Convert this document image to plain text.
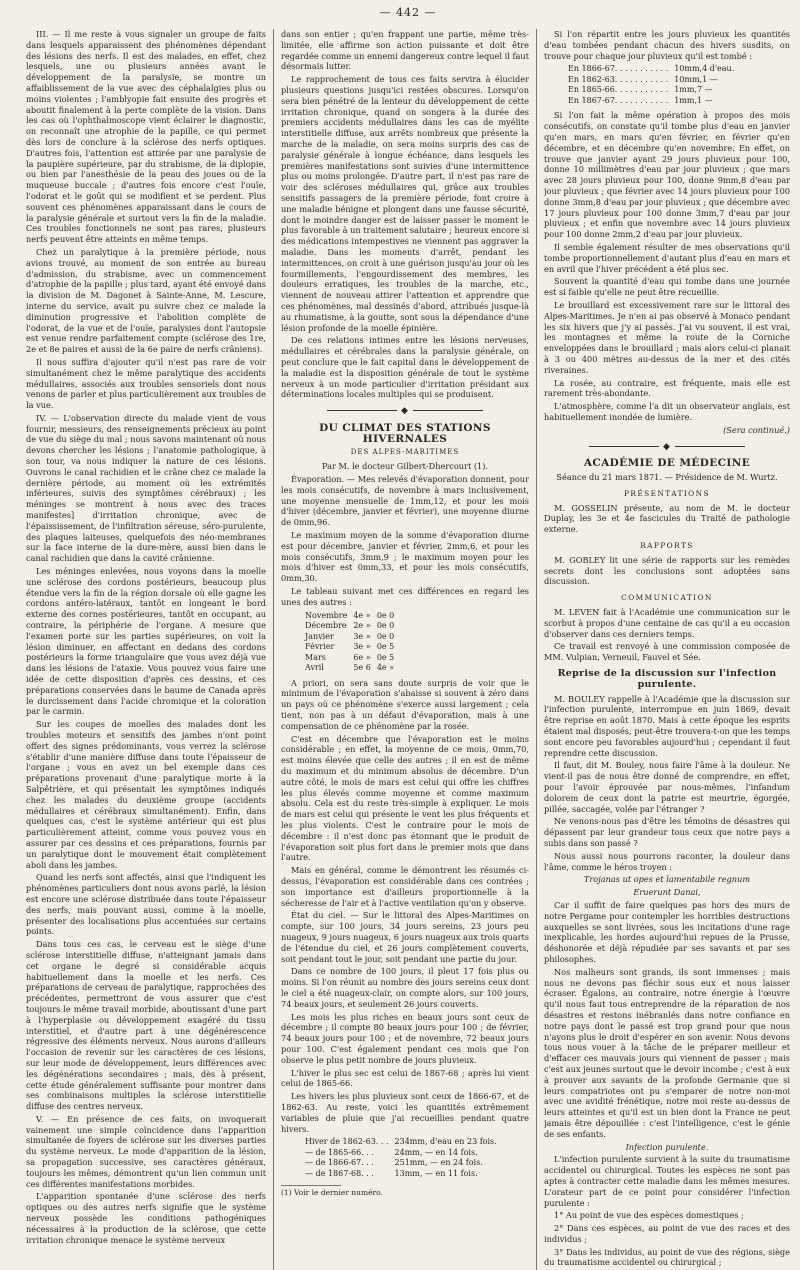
— 442 —

III. — Il me reste à vous signaler un groupe de faits dans lesquels apparaissent des phénomènes dépendant des lésions des nerfs. Il est des malades, en effet, chez lesquels, une ou plusieurs années avant le développement de la paralysie, se montre un affaiblissement de la vue avec des céphalalgies plus ou moins violentes ; l'amblyopie fait ensuite des progrès et aboutit finalement à la perte complète de la vision. Dans les cas où l'ophthalmoscope vient éclairer le diagnostic, on reconnaît une atrophie de la papille, ce qui permet dès lors de conclure à la sclérose des nerfs optiques. D'autres fois, l'attention est attirée par une paralysie de la paupière supérieure, par du strabisme, de la diplopie, ou bien par l'anesthésie de la peau des joues ou de la muqueuse buccale ; d'autres fois encore c'est l'ouïe, l'odorat et le goût qui se modifient et se perdent. Plus souvent ces phénomènes apparaissant dans le cours de la paralysie générale et surtout vers la fin de la maladie. Ces troubles fonctionnels ne sont pas rares, plusieurs nerfs peuvent être atteints en même temps.

Chez un paralytique à la première période, nous avions trouvé, au moment de son entrée au bureau d'admission, du strabisme, avec un commencement d'atrophie de la papille ; plus tard, ayant été envoyé dans la division de M. Dagonet à Sainte-Anne, M. Lescure, interne du service, avait pu suivre chez ce malade la diminution progressive et l'abolition complète de l'odorat, de la vue et de l'ouïe, paralysies dont l'autopsie est venue rendre parfaitement compte (sclérose des 1re, 2e et 8e paires et aussi de la 6e paire de nerfs crâniens).

Il nous suffira d'ajouter qu'il n'est pas rare de voir simultanément chez le même paralytique des accidents médullaires, associés aux troubles sensoriels dont nous venons de parler et plus particulièrement aux troubles de la vue.

IV. — L'observation directe du malade vient de vous fournir, messieurs, des renseignements précieux au point de vue du siège du mal ; nous savons maintenant où nous devons chercher les lésions ; l'anatomie pathologique, à son tour, va nous indiquer la nature de ces lésions. Ouvrons le canal rachidien et le crâne chez ce malade la dernière période, au moment où les extrémités inférieures, suivis des symptômes cérébraux) ; les méninges se montrent à nous avec des traces manifestes] d'irritation chronique, avec de l'épaississement, de l'infiltration séreuse, séro-purulente, des plaques laiteuses, quelquefois des néo-membranes sur la face interne de la dure-mère, aussi bien dans le canal rachidien que dans la cavité crânienne.

Les méninges enlevées, nous voyons dans la moelle une sclérose des cordons postérieurs, beaucoup plus étendue vers la fin de la région dorsale où elle gagne les cordons antéro-latéraux, tantôt en longeant le bord externe des cornes postérieures, tantôt en occupant, au contraire, la périphérie de l'organe. A mesure que l'examen porte sur les parties supérieures, on voit la lésion diminuer, en affectant en dedans des cordons postérieurs la forme triangulaire que vous avez déjà vue dans les lésions de l'ataxie. Vous pouvez vous faire une idée de cette disposition d'après ces dessins, et ces préparations conservées dans le baume de Canada après le durcissement dans l'acide chromique et la coloration par le carmin.

Sur les coupes de moelles des malades dont les troubles moteurs et sensitifs des jambes n'ont point offert des signes prédominants, vous verrez la sclérose s'établir d'une manière diffuse dans toute l'épaisseur de l'organe ; vous en avez un bel exemple dans ces préparations provenant d'une paralytique morte à la Salpêtrière, et qui présentait les symptômes indiqués chez les malades du deuxième groupe (accidents médullaires et cérébraux simultanément). Enfin, dans quelques cas, c'est le système antérieur qui est plus particulièrement atteint, comme vous pouvez vous en assurer par ces dessins et ces préparations, fournis par un paralytique dont le mouvement était complètement aboli dans les jambes.

Quand les nerfs sont affectés, ainsi que l'indiquent les phénomènes particuliers dont nous avons parlé, la lésion est encore une sclérose distribuée dans toute l'épaisseur des nerfs, mais pouvant aussi, comme à la moelle, présenter des localisations plus accentuées sur certains points.

Dans tous ces cas, le cerveau est le siège d'une sclérose interstitielle diffuse, n'atteignant jamais dans cet organe le degré si considérable acquis habituellement dans la moelle et les nerfs. Ces préparations de cerveau de paralytique, rapprochées des précédentes, permettront de vous assurer que c'est toujours le même travail morbide, aboutissant d'une part à l'hyperplasie ou développement exagéré du tissu interstitiel, et d'autre part à une dégénérescence régressive des éléments nerveux. Nous aurons d'ailleurs l'occasion de revenir sur les caractères de ces lésions, sur leur mode de développement, leurs différences avec les dégénérations secondaires ; mais, dès à présent, cette étude généralement suffisante pour montrer dans ses combinaisons multiples la sclérose interstitielle diffuse des centres nerveux.

V. — En présence de ces faits, on invoquerait vainement une simple coïncidence dans l'apparition simultanée de foyers de sclérose sur les diverses parties du système nerveux. Le mode d'apparition de la lésion, sa propagation successive, ses caractères généraux, toujours les mêmes, démontrent qu'un lien commun unit ces différentes manifestations morbides.

L'apparition spontanée d'une sclérose des nerfs optiques ou des autres nerfs signifie que le système nerveux possède les conditions pathogéniques nécessaires à la production de la sclérose, que cette irritation chronique menace le système nerveux

dans son entier ; qu'en frappant une partie, même très-limitée, elle affirme son action puissante et doit être regardée comme un ennemi dangereux contre lequel il faut désormais lutter.

Le rapprochement de tous ces faits servira à élucider plusieurs questions jusqu'ici restées obscures. Lorsqu'on sera bien pénétré de la lenteur du développement de cette irritation chronique, quand on songera à la durée des premiers accidents médullaires dans les cas de myélite interstitielle diffuse, aux arrêts nombreux que présente la marche de la maladie, on sera moins surpris des cas de paralysie générale à longue échéance, dans lesquels les premières manifestations sont suivies d'une intermittence plus ou moins prolongée. D'autre part, il n'est pas rare de voir des scléroses médullaires qui, grâce aux troubles sensitifs passagers de la première période, font croire à une maladie bénigne et plongent dans une fausse sécurité, dont le moindre danger est de laisser passer le moment le plus favorable à un traitement salutaire ; heureux encore si des médications intempestives ne viennent pas aggraver la maladie. Dans les moments d'arrêt, pendant les intermittences, on croit à une guérison jusqu'au jour où les fourmillements, l'engourdissement des membres, les douleurs erratiques, les troubles de la marche, etc., viennent de nouveau attirer l'attention et apprendre que ces phénomènes, mal dessinés d'abord, attribués jusque-là au rhumatisme, à la goutte, sont sous la dépendance d'une lésion profonde de la moelle épinière.

De ces relations intimes entre les lésions nerveuses, médullaires et cérébrales dans la paralysie générale, on peut conclure que le fait capital dans le développement de la maladie est la disposition générale de tout le système nerveux à un mode particulier d'irritation présidant aux déterminations locales multiples qui se produisent.

◆
DU CLIMAT DES STATIONS HIVERNALES
DES ALPES-MARITIMES

Par M. le docteur Gilbert-Dhercourt (1).

Évaporation. — Mes relevés d'évaporation donnent, pour les mois consécutifs, de novembre à mars inclusivement, une moyenne mensuelle de 1mm,12, et pour les mois d'hiver (décembre, janvier et février), une moyenne diurne de 0mm,96.

Le maximum moyen de la somme d'évaporation diurne est pour décembre, janvier et février, 2mm,6, et pour les mois consécutifs, 3mm,9 ; le maximum moyen pour les mois d'hiver est 0mm,33, et pour les mois consécutifs, 0mm,30.

Le tableau suivant met ces différences en regard les unes des autres :

Novembre	4e »	0e 0
Décembre	2e »	0e 0
Janvier	3e »	0e 0
Février	3e »	0e 5
Mars	6e »	0e 5
Avril	5e 6	4e »

A priori, on sera sans doute surpris de voir que le minimum de l'évaporation s'abaisse si souvent à zéro dans un pays où ce phénomène s'exerce aussi largement ; cela tient, non pas à un défaut d'évaporation, mais à une compensation de ce phénomène par la rosée.

C'est en décembre que l'évaporation est le moins considérable ; en effet, la moyenne de ce mois, 0mm,70, est moins élevée que celle des autres ; il en est de même du maximum et du minimum absolus de décembre. D'un autre côté, le mois de mars est celui qui offre les chiffres les plus élevés comme moyenne et comme maximum absolu. Cela est du reste très-simple à expliquer. Le mois de mars est celui qui présente le vent les plus fréquents et les plus violents. C'est le contraire pour le mois de décembre : il n'est donc pas étonnant que le produit de l'évaporation soit plus fort dans le premier mois que dans l'autre.

Mais en général, comme le démontrent les résumés ci-dessus, l'évaporation est considérable dans ces contrées ; son importance est d'ailleurs proportionnelle à la sécheresse de l'air et à l'active ventilation qu'on y observe.

État du ciel. — Sur le littoral des Alpes-Maritimes on compte, sur 100 jours, 34 jours sereins, 23 jours peu nuageux, 9 jours nuageux, 6 jours nuageux aux trois quarts de l'étendue du ciel, et 26 jours complètement couverts, soit pendant tout le jour, soit pendant une partie du jour.

Dans ce nombre de 100 jours, il pleut 17 fois plus ou moins. Si l'on réunit au nombre des jours sereins ceux dont le ciel a été nuageux-clair, on compte alors, sur 100 jours, 74 beaux jours, et seulement 26 jours couverts.

Les mois les plus riches en beaux jours sont ceux de décembre ; il compte 80 beaux jours pour 100 ; de février, 74 beaux jours pour 100 ; et de novembre, 72 beaux jours pour 100. C'est également pendant ces mois que l'on observe le plus petit nombre de jours pluvieux.

L'hiver le plus sec est celui de 1867-68 ; après lui vient celui de 1865-66.

Les hivers les plus pluvieux sont ceux de 1866-67, et de 1862-63. Au reste, voici les quantités extrêmement variables de pluie que j'ai recueillies pendant quatre hivers.

Hiver de 1862-63. . .	234mm, d'eau en 23 fois.
— de 1865-66. . .	24mm, — en 14 fois.
— de 1866-67. . .	251mm, — en 24 fois.
— de 1867-68. . .	13mm, — en 11 fois.
(1) Voir le dernier numéro.

Si l'on répartit entre les jours pluvieux les quantités d'eau tombées pendant chacun des hivers susdits, on trouve pour chaque jour pluvieux qu'il est tombé :

En 1866-67. . . . . . . . . . .	10mm,4 d'eau.
En 1862-63. . . . . . . . . . .	10mm,1 —
En 1865-66. . . . . . . . . . .	1mm,7 —
En 1867-67. . . . . . . . . . .	1mm,1 —

Si l'on fait la même opération à propos des mois consécutifs, on constate qu'il tombe plus d'eau en janvier qu'en mars, en mars qu'en février, en février qu'en décembre, et en décembre qu'en novembre. En effet, on trouve que janvier ayant 29 jours pluvieux pour 100, donne 10 millimètres d'eau par jour pluvieux ; que mars avec 28 jours pluvieux pour 100, donne 9mm,8 d'eau par jour pluvieux ; que février avec 14 jours pluvieux pour 100 donne 3mm,8 d'eau par jour pluvieux ; que décembre avec 17 jours pluvieux pour 100 donne 3mm,7 d'eau par jour pluvieux ; et enfin que novembre avec 14 jours pluvieux pour 100 donne 2mm,2 d'eau par jour pluvieux.

Il semble également résulter de mes observations qu'il tombe proportionnellement d'autant plus d'eau en mars et en avril que l'hiver précédent a été plus sec.

Souvent la quantité d'eau qui tombe dans une journée est si faible qu'elle ne peut être recueillie.

Le brouillard est excessivement rare sur le littoral des Alpes-Maritimes. Je n'en ai pas observé à Monaco pendant les six hivers que j'y ai passés. J'ai vu souvent, il est vrai, les montagnes et même la route de la Corniche enveloppées dans le brouillard ; mais alors celui-ci planait à 3 ou 400 mètres au-dessus de la mer et des cités riveraines.

La rosée, au contraire, est fréquente, mais elle est rarement très-abondante.

L'atmosphère, comme l'a dit un observateur anglais, est habituellement inondée de lumière.

(Sera continué.)

◆
ACADÉMIE DE MÉDECINE

Séance du 21 mars 1871. — Présidence de M. Wurtz.

PRÉSENTATIONS

M. GOSSELIN présente, au nom de M. le docteur Duplay, les 3e et 4e fascicules du Traité de pathologie externe.

RAPPORTS

M. GOBLEY lit une série de rapports sur les remèdes secrets dont les conclusions sont adoptées sans discussion.

COMMUNICATION

M. LEVEN fait à l'Académie une communication sur le scorbut à propos d'une centaine de cas qu'il a eu occasion d'observer dans ces derniers temps.

Ce travail est renvoyé à une commission composée de MM. Vulpian, Verneuil, Fauvel et Sée.

Reprise de la discussion sur l'infection purulente.

M. BOULEY rappelle à l'Académie que la discussion sur l'infection purulente, interrompue en juin 1869, devait être reprise en août 1870. Mais à cette époque les esprits étaient mal disposés, peut-être trouvera-t-on que les temps sont encore peu favorables aujourd'hui ; cependant il faut reprendre cette discussion.

Il faut, dit M. Bouley, nous faire l'âme à la douleur. Ne vient-il pas de nous être donné de comprendre, en effet, pour l'avoir éprouvée par nous-mêmes, l'infandum dolorem de ceux dont la patrie est meurtrie, égorgée, pillée, saccagée, volée par l'étranger ?

Ne venons-nous pas d'être les témoins de désastres qui dépassent par leur grandeur tous ceux que notre pays a subis dans son passé ?

Nous aussi nous pourrons raconter, la douleur dans l'âme, comme le héros troyen :

Trojanas ut opes et lamentabile regnum

Eruerunt Danai,

Car il suffit de faire quelques pas hors des murs de notre Pergame pour contempler les horribles destructions auxquelles se sont livrées, sous les incitations d'une rage inexplicable, les hordes aujourd'hui repues de la Prusse, déshonorée et déjà répudiée par ses savants et par ses philosophes.

Nos malheurs sont grands, ils sont immenses ; mais nous ne devons pas fléchir sous eux et nous laisser écraser. Égalons, au contraire, notre énergie à l'œuvre qu'il nous faut tous entreprendre de la réparation de nos désastres et restons inébranlés dans notre confiance en notre pays dont le passé est trop grand pour que nous n'ayons plus le droit d'espérer en son avenir. Nous devons tous nous vouer à la tâche de le préparer meilleur et d'effacer ces mauvais jours qui viennent de passer ; mais c'est aux jeunes surtout que le devoir incombe ; c'est à eux à prouver aux savants de la profonde Germanie que si leurs compatriotes ont pu s'emparer de notre non-moi avec une avidité frénétique, notre moi reste au-dessus de leurs atteintes et qu'il est un bien dont la France ne peut jamais être dépouillée : c'est l'intelligence, c'est le génie de ses enfants.

Infection purulente.

L'infection purulente survient à la suite du traumatisme accidentel ou chirurgical. Toutes les espèces ne sont pas aptes à contracter cette maladie dans les mêmes mesures. L'orateur part de ce point pour considérer l'infection purulente :

1° Au point de vue des espèces domestiques ;

2° Dans ces espèces, au point de vue des races et des individus ;

3° Dans les individus, au point de vue des régions, siège du traumatisme accidentel ou chirurgical ;
